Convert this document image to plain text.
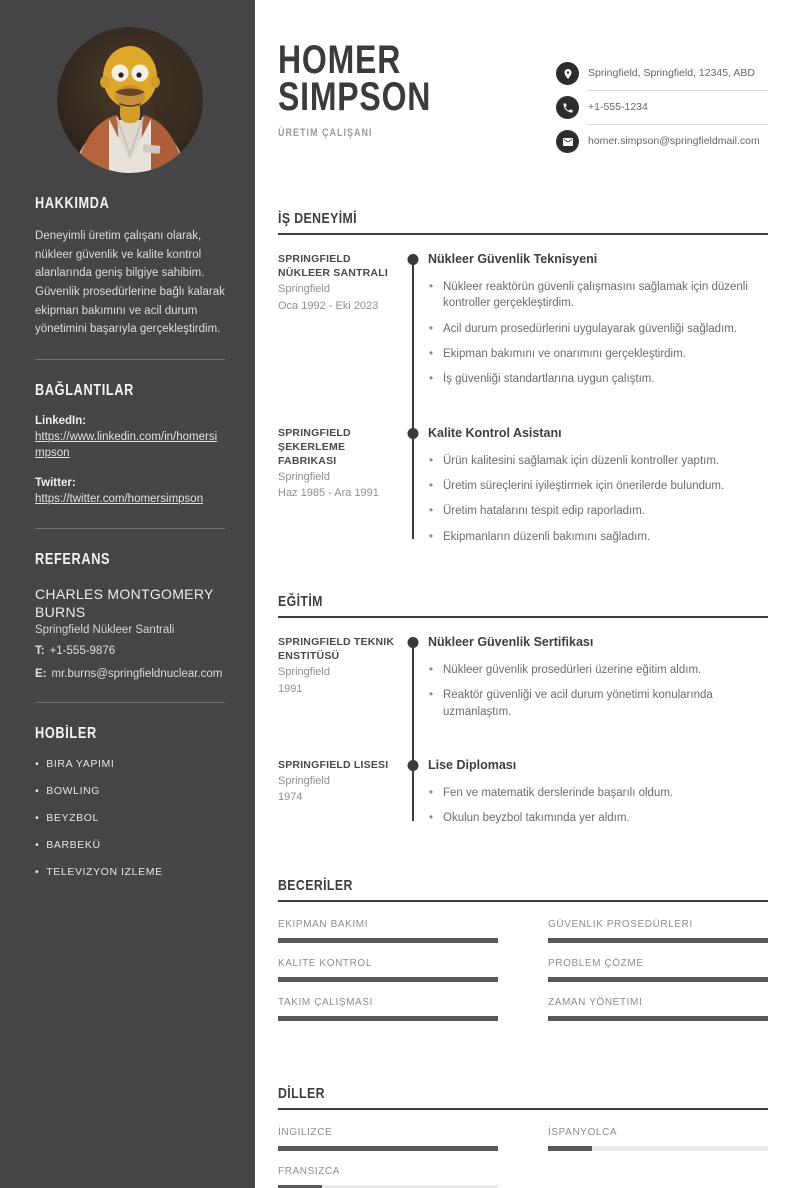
HAKKIMDA

Deneyimli üretim çalışanı olarak, nükleer güvenlik ve kalite kontrol alanlarında geniş bilgiye sahibim. Güvenlik prosedürlerine bağlı kalarak ekipman bakımını ve acil durum yönetimini başarıyla gerçekleştirdim.

BAĞLANTILAR
LinkedIn:
https://www.linkedin.com/in/homersimpson
Twitter:
https://twitter.com/homersimpson
REFERANS
CHARLES MONTGOMERY BURNS
Springfield Nükleer Santrali
T: +1-555-9876
E: mr.burns@springfieldnuclear.com
HOBİLER
• BIRA YAPIMI
• BOWLING
• BEYZBOL
• BARBEKÜ
• TELEVIZYON IZLEME
HOMER
SIMPSON
ÜRETIM ÇALIŞANI
Springfield, Springfield, 12345, ABD
+1-555-1234
homer.simpson@springfieldmail.com
İŞ DENEYİMİ
SPRINGFIELD NÜKLEER SANTRALI
Springfield
Oca 1992 - Eki 2023
Nükleer Güvenlik Teknisyeni
• Nükleer reaktörün güvenli çalışmasını sağlamak için düzenli kontroller gerçekleştirdim.
• Acil durum prosedürlerini uygulayarak güvenliği sağladım.
• Ekipman bakımını ve onarımını gerçekleştirdim.
• İş güvenliği standartlarına uygun çalıştım.
SPRINGFIELD ŞEKERLEME FABRIKASI
Springfield
Haz 1985 - Ara 1991
Kalite Kontrol Asistanı
• Ürün kalitesini sağlamak için düzenli kontroller yaptım.
• Üretim süreçlerini iyileştirmek için önerilerde bulundum.
• Üretim hatalarını tespit edip raporladım.
• Ekipmanların düzenli bakımını sağladım.
EĞİTİM
SPRINGFIELD TEKNIK ENSTITÜSÜ
Springfield
1991
Nükleer Güvenlik Sertifikası
• Nükleer güvenlik prosedürleri üzerine eğitim aldım.
• Reaktör güvenliği ve acil durum yönetimi konularında uzmanlaştım.
SPRINGFIELD LISESI
Springfield
1974
Lise Diploması
• Fen ve matematik derslerinde başarılı oldum.
• Okulun beyzbol takımında yer aldım.
BECERİLER
EKIPMAN BAKIMI	GÜVENLIK PROSEDÜRLERI
KALITE KONTROL	PROBLEM ÇÖZME
TAKIM ÇALIŞMASI	ZAMAN YÖNETIMI
DİLLER
İNGILIZCE	İSPANYOLCA
FRANSIZCA
